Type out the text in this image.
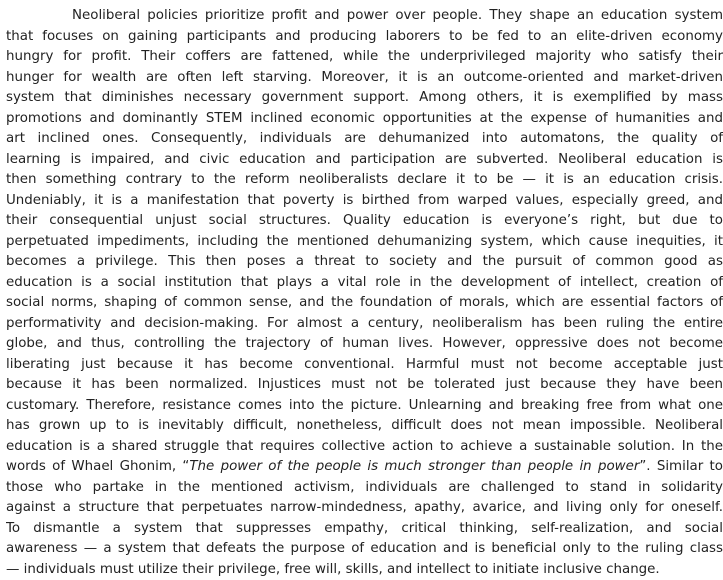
Neoliberal policies prioritize profit and power over people. They shape an education system
that focuses on gaining participants and producing laborers to be fed to an elite-driven economy
hungry for profit. Their coffers are fattened, while the underprivileged majority who satisfy their
hunger for wealth are often left starving. Moreover, it is an outcome-oriented and market-driven
system that diminishes necessary government support. Among others, it is exemplified by mass
promotions and dominantly STEM inclined economic opportunities at the expense of humanities and
art inclined ones. Consequently, individuals are dehumanized into automatons, the quality of
learning is impaired, and civic education and participation are subverted. Neoliberal education is
then something contrary to the reform neoliberalists declare it to be — it is an education crisis.
Undeniably, it is a manifestation that poverty is birthed from warped values, especially greed, and
their consequential unjust social structures. Quality education is everyone’s right, but due to
perpetuated impediments, including the mentioned dehumanizing system, which cause inequities, it
becomes a privilege. This then poses a threat to society and the pursuit of common good as
education is a social institution that plays a vital role in the development of intellect, creation of
social norms, shaping of common sense, and the foundation of morals, which are essential factors of
performativity and decision-making. For almost a century, neoliberalism has been ruling the entire
globe, and thus, controlling the trajectory of human lives. However, oppressive does not become
liberating just because it has become conventional. Harmful must not become acceptable just
because it has been normalized. Injustices must not be tolerated just because they have been
customary. Therefore, resistance comes into the picture. Unlearning and breaking free from what one
has grown up to is inevitably difficult, nonetheless, difficult does not mean impossible. Neoliberal
education is a shared struggle that requires collective action to achieve a sustainable solution. In the
words of Whael Ghonim, “The power of the people is much stronger than people in power”. Similar to
those who partake in the mentioned activism, individuals are challenged to stand in solidarity
against a structure that perpetuates narrow-mindedness, apathy, avarice, and living only for oneself.
To dismantle a system that suppresses empathy, critical thinking, self-realization, and social
awareness — a system that defeats the purpose of education and is beneficial only to the ruling class
— individuals must utilize their privilege, free will, skills, and intellect to initiate inclusive change.
